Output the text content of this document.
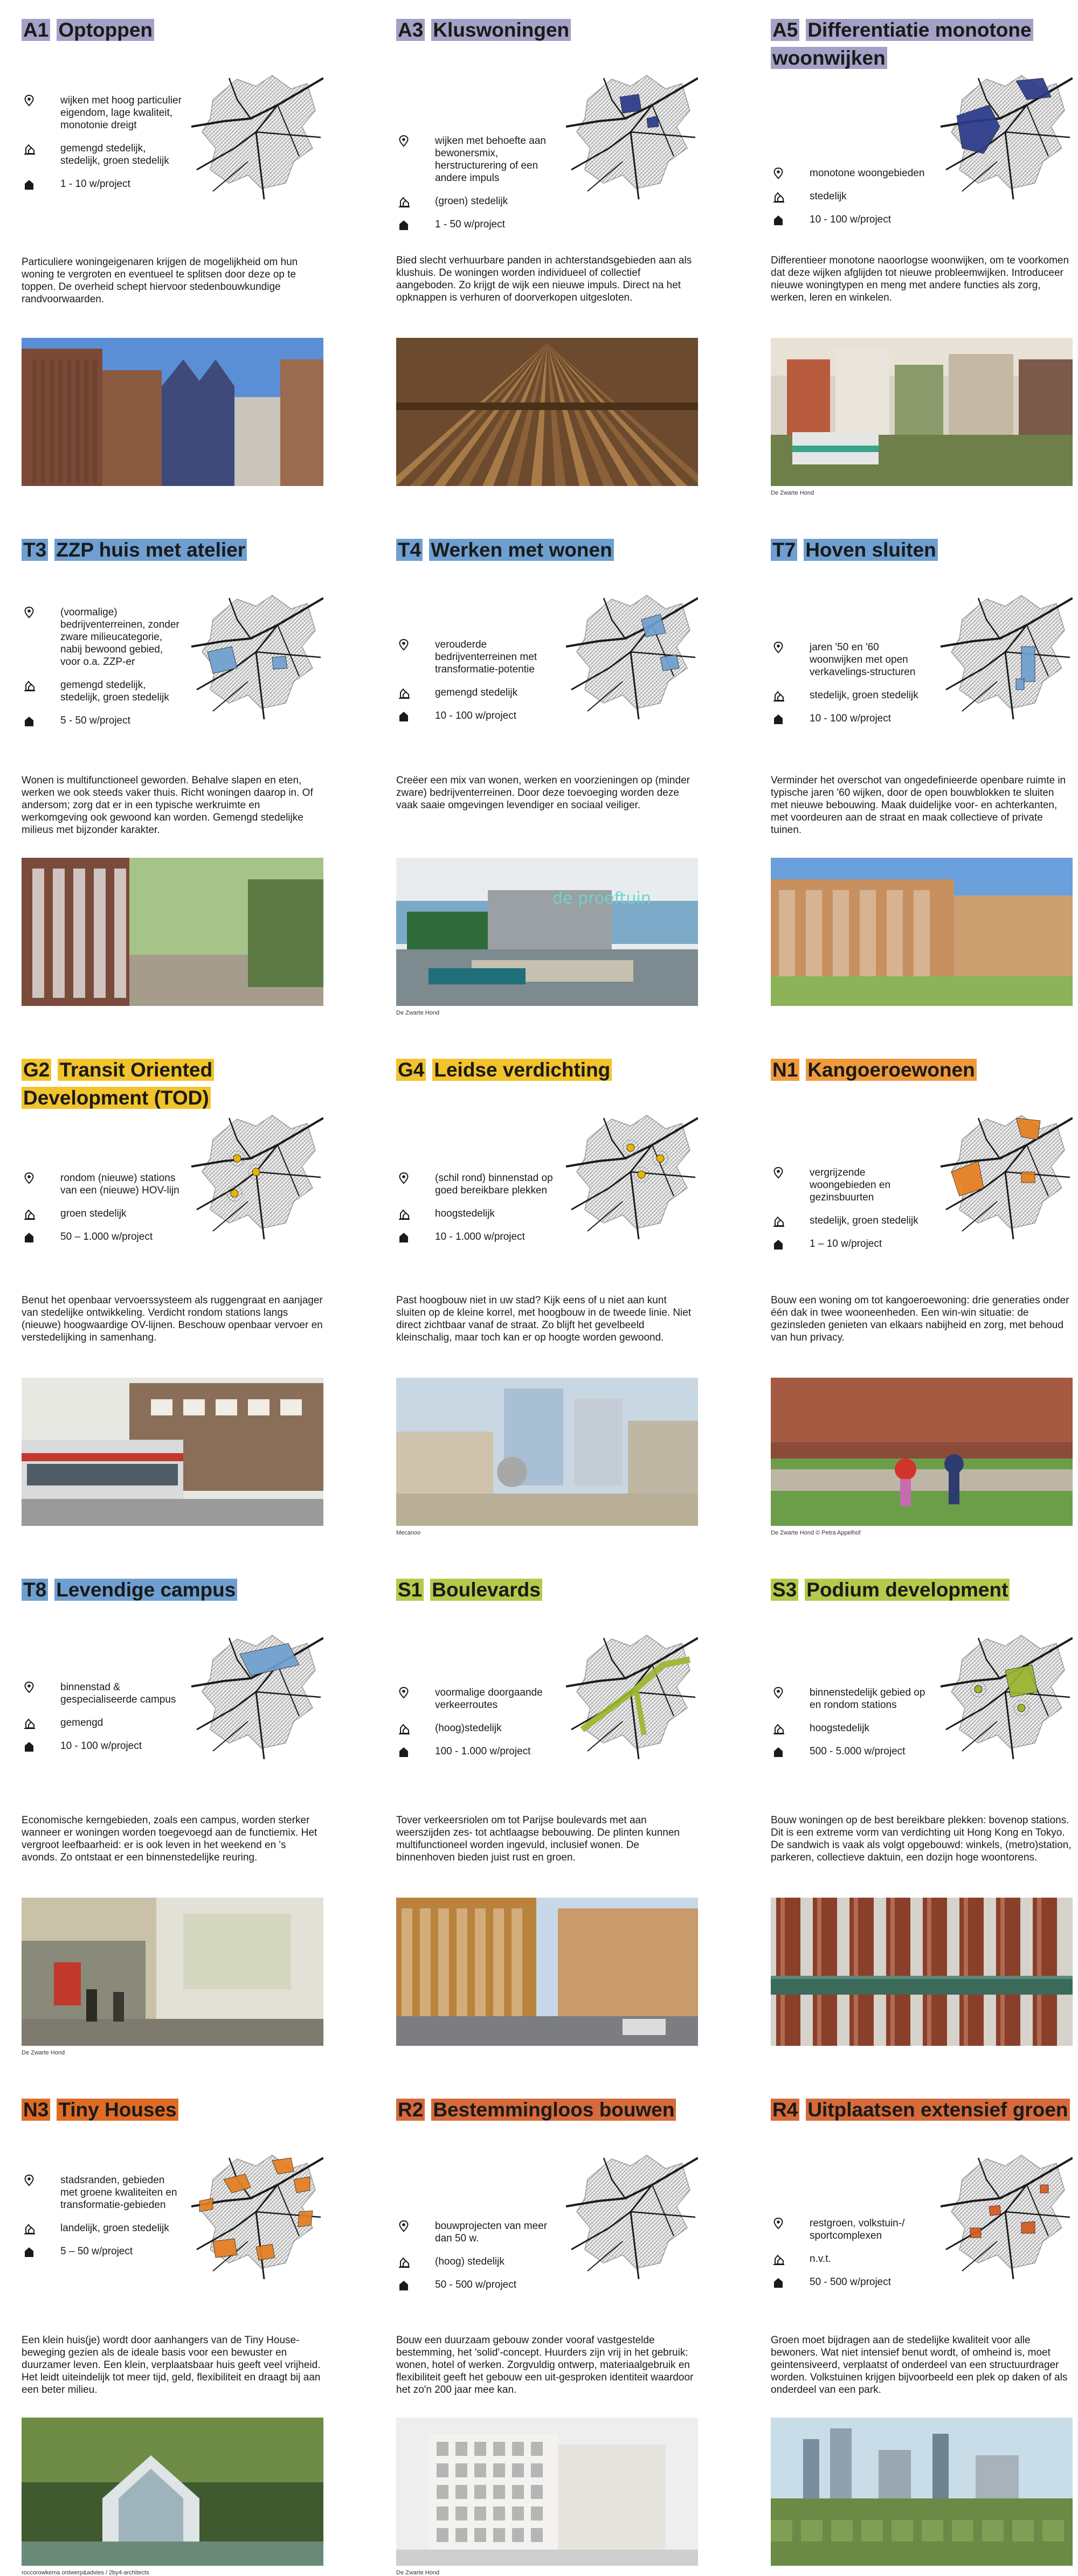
A1 Optoppen
wijken met hoog particulier eigendom, lage kwaliteit, monotonie dreigt
gemengd stedelijk, stedelijk, groen stedelijk
1 - 10 w/project
Particuliere woningeigenaren krijgen de mogelijkheid om hun woning te vergroten en eventueel te splitsen door deze op te toppen. De overheid schept hiervoor stedenbouwkundige randvoorwaarden.
A3 Kluswoningen
wijken met behoefte aan bewonersmix, herstructurering of een andere impuls
(groen) stedelijk
1 - 50 w/project
Bied slecht verhuurbare panden in achterstandsgebieden aan als klushuis. De woningen worden individueel of collectief aangeboden. Zo krijgt de wijk een nieuwe impuls. Direct na het opknappen is verhuren of doorverkopen uitgesloten.
A5 Differentiatie monotone woonwijken
monotone woongebieden
stedelijk
10 - 100 w/project
Differentieer monotone naoorlogse woonwijken, om te voorkomen dat deze wijken afglijden tot nieuwe probleemwijken. Introduceer nieuwe woningtypen en meng met andere functies als zorg, werken, leren en winkelen.
De Zwarte Hond
T3 ZZP huis met atelier
(voormalige) bedrijventerreinen, zonder zware milieucategorie, nabij bewoond gebied, voor o.a. ZZP-er
gemengd stedelijk, stedelijk, groen stedelijk
5 - 50 w/project
Wonen is multifunctioneel geworden. Behalve slapen en eten, werken we ook steeds vaker thuis. Richt woningen daarop in. Of andersom; zorg dat er in een typische werkruimte en werkomgeving ook gewoond kan worden. Gemengd stedelijke milieus met bijzonder karakter.
T4 Werken met wonen
verouderde bedrijventerreinen met transformatie-potentie
gemengd stedelijk
10 - 100 w/project
Creëer een mix van wonen, werken en voorzieningen op (minder zware) bedrijventerreinen. Door deze toevoeging worden deze vaak saaie omgevingen levendiger en sociaal veiliger.
de proeftuin
De Zwarte Hond
T7 Hoven sluiten
jaren '50 en '60 woonwijken met open verkavelings-structuren
stedelijk, groen stedelijk
10 - 100 w/project
Verminder het overschot van ongedefinieerde openbare ruimte in typische jaren '60 wijken, door de open bouwblokken te sluiten met nieuwe bebouwing. Maak duidelijke voor- en achterkanten, met voordeuren aan de straat en maak collectieve of private tuinen.
G2 Transit Oriented Development (TOD)
rondom (nieuwe) stations van een (nieuwe) HOV-lijn
groen stedelijk
50 – 1.000 w/project
Benut het openbaar vervoerssysteem als ruggengraat en aanjager van stedelijke ontwikkeling. Verdicht rondom stations langs (nieuwe) hoogwaardige OV-lijnen. Beschouw openbaar vervoer en verstedelijking in samenhang.
G4 Leidse verdichting
(schil rond) binnenstad op goed bereikbare plekken
hoogstedelijk
10 - 1.000 w/project
Past hoogbouw niet in uw stad? Kijk eens of u niet aan kunt sluiten op de kleine korrel, met hoogbouw in de tweede linie. Niet direct zichtbaar vanaf de straat. Zo blijft het gevelbeeld kleinschalig, maar toch kan er op hoogte worden gewoond.
Mecanoo
N1 Kangoeroewonen
vergrijzende woongebieden en gezinsbuurten
stedelijk, groen stedelijk
1 – 10 w/project
Bouw een woning om tot kangoeroewoning: drie generaties onder één dak in twee wooneenheden. Een win-win situatie: de gezinsleden genieten van elkaars nabijheid en zorg, met behoud van hun privacy.
De Zwarte Hond © Petra Appelhof
T8 Levendige campus
binnenstad & gespecialiseerde campus
gemengd
10 - 100 w/project
Economische kerngebieden, zoals een campus, worden sterker wanneer er woningen worden toegevoegd aan de functiemix. Het vergroot leefbaarheid: er is ook leven in het weekend en 's avonds. Zo ontstaat er een binnenstedelijke reuring.
De Zwarte Hond
S1 Boulevards
voormalige doorgaande verkeerroutes
(hoog)stedelijk
100 - 1.000 w/project
Tover verkeersriolen om tot Parijse boulevards met aan weerszijden zes- tot achtlaagse bebouwing. De plinten kunnen multifunctioneel worden ingevuld, inclusief wonen. De binnenhoven bieden juist rust en groen.
S3 Podium development
binnenstedelijk gebied op en rondom stations
hoogstedelijk
500 - 5.000 w/project
Bouw woningen op de best bereikbare plekken: bovenop stations. Dit is een extreme vorm van verdichting uit Hong Kong en Tokyo. De sandwich is vaak als volgt opgebouwd: winkels, (metro)station, parkeren, collectieve daktuin, een dozijn hoge woontorens.
N3 Tiny Houses
stadsranden, gebieden met groene kwaliteiten en transformatie-gebieden
landelijk, groen stedelijk
5 – 50 w/project
Een klein huis(je) wordt door aanhangers van de Tiny House-beweging gezien als de ideale basis voor een bewuster en duurzamer leven. Een klein, verplaatsbaar huis geeft veel vrijheid. Het leidt uiteindelijk tot meer tijd, geld, flexibiliteit en draagt bij aan een beter milieu.
roccorowkema ontwerp&advies / 2by4-architects
R2 Bestemmingloos bouwen
bouwprojecten van meer dan 50 w.
(hoog) stedelijk
50 - 500 w/project
Bouw een duurzaam gebouw zonder vooraf vastgestelde bestemming, het 'solid'-concept. Huurders zijn vrij in het gebruik: wonen, hotel of werken. Zorgvuldig ontwerp, materiaalgebruik en flexibiliteit geeft het gebouw een uit-gesproken identiteit waardoor het zo'n 200 jaar mee kan.
De Zwarte Hond
R4 Uitplaatsen extensief groen
restgroen, volkstuin-/ sportcomplexen
n.v.t.
50 - 500 w/project
Groen moet bijdragen aan de stedelijke kwaliteit voor alle bewoners. Wat niet intensief benut wordt, of omheind is, moet geintensiveerd, verplaatst of onderdeel van een structuurdrager worden. Volkstuinen krijgen bijvoorbeeld een plek op daken of als onderdeel van een park.
